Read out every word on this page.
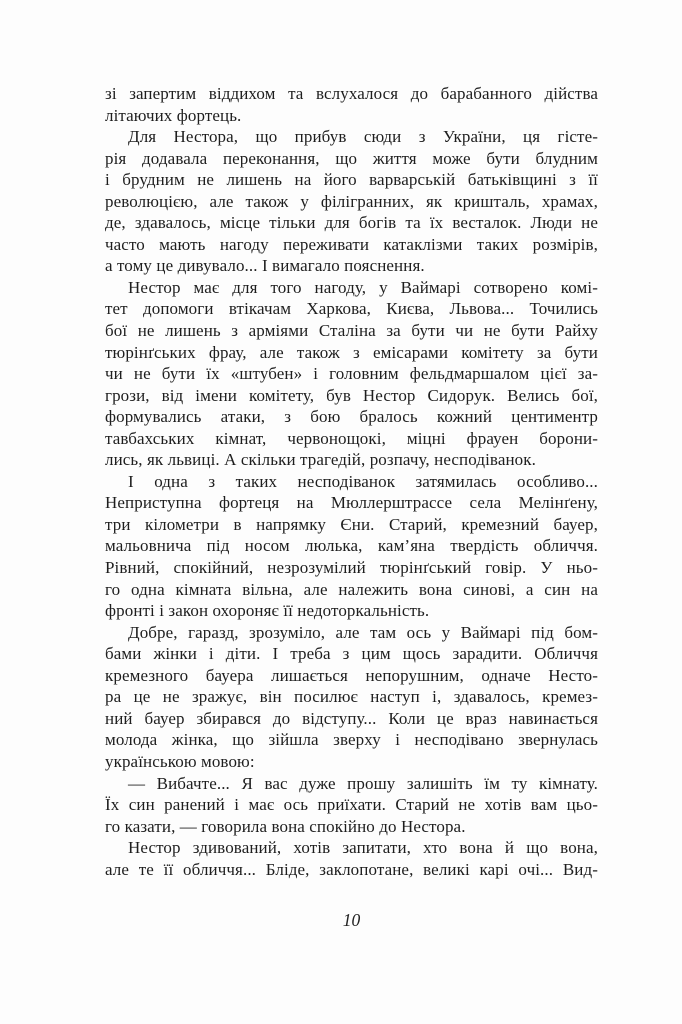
зі запертим віддихом та вслухалося до барабанного дійства
літаючих фортець.
Для Нестора, що прибув сюди з України, ця гісте-
рія додавала переконання, що життя може бути блудним
і брудним не лишень на його варварській батьківщині з її
революцією, але також у філігранних, як кришталь, храмах,
де, здавалось, місце тільки для богів та їх весталок. Люди не
часто мають нагоду переживати катаклізми таких розмірів,
а тому це дивувало... І вимагало пояснення.
Нестор має для того нагоду, у Ваймарі сотворено комі-
тет допомоги втікачам Харкова, Києва, Львова... Точились
бої не лишень з арміями Сталіна за бути чи не бути Райху
тюрінґських фрау, але також з емісарами комітету за бути
чи не бути їх «штубен» і головним фельдмаршалом цієї за-
грози, від імени комітету, був Нестор Сидорук. Велись бої,
формувались атаки, з бою бралось кожний центиментр
тавбахських кімнат, червонощокі, міцні фрауен борони-
лись, як львиці. А скільки трагедій, розпачу, несподіванок.
І одна з таких несподіванок затямилась особливо...
Неприступна фортеця на Мюллерштрассе села Мелінґену,
три кілометри в напрямку Єни. Старий, кремезний бауер,
мальовнича під носом люлька, кам’яна твердість обличчя.
Рівний, спокійний, незрозумілий тюрінґський говір. У ньо-
го одна кімната вільна, але належить вона синові, а син на
фронті і закон охороняє її недоторкальність.
Добре, гаразд, зрозуміло, але там ось у Ваймарі під бом-
бами жінки і діти. І треба з цим щось зарадити. Обличчя
кремезного бауера лишається непорушним, одначе Несто-
ра це не зражує, він посилює наступ і, здавалось, кремез-
ний бауер збирався до відступу... Коли це враз навинається
молода жінка, що зійшла зверху і несподівано звернулась
українською мовою:
— Вибачте... Я вас дуже прошу залишіть їм ту кімнату.
Їх син ранений і має ось приїхати. Старий не хотів вам цьо-
го казати, — говорила вона спокійно до Нестора.
Нестор здивований, хотів запитати, хто вона й що вона,
але те її обличчя... Бліде, заклопотане, великі карі очі... Вид-
10
